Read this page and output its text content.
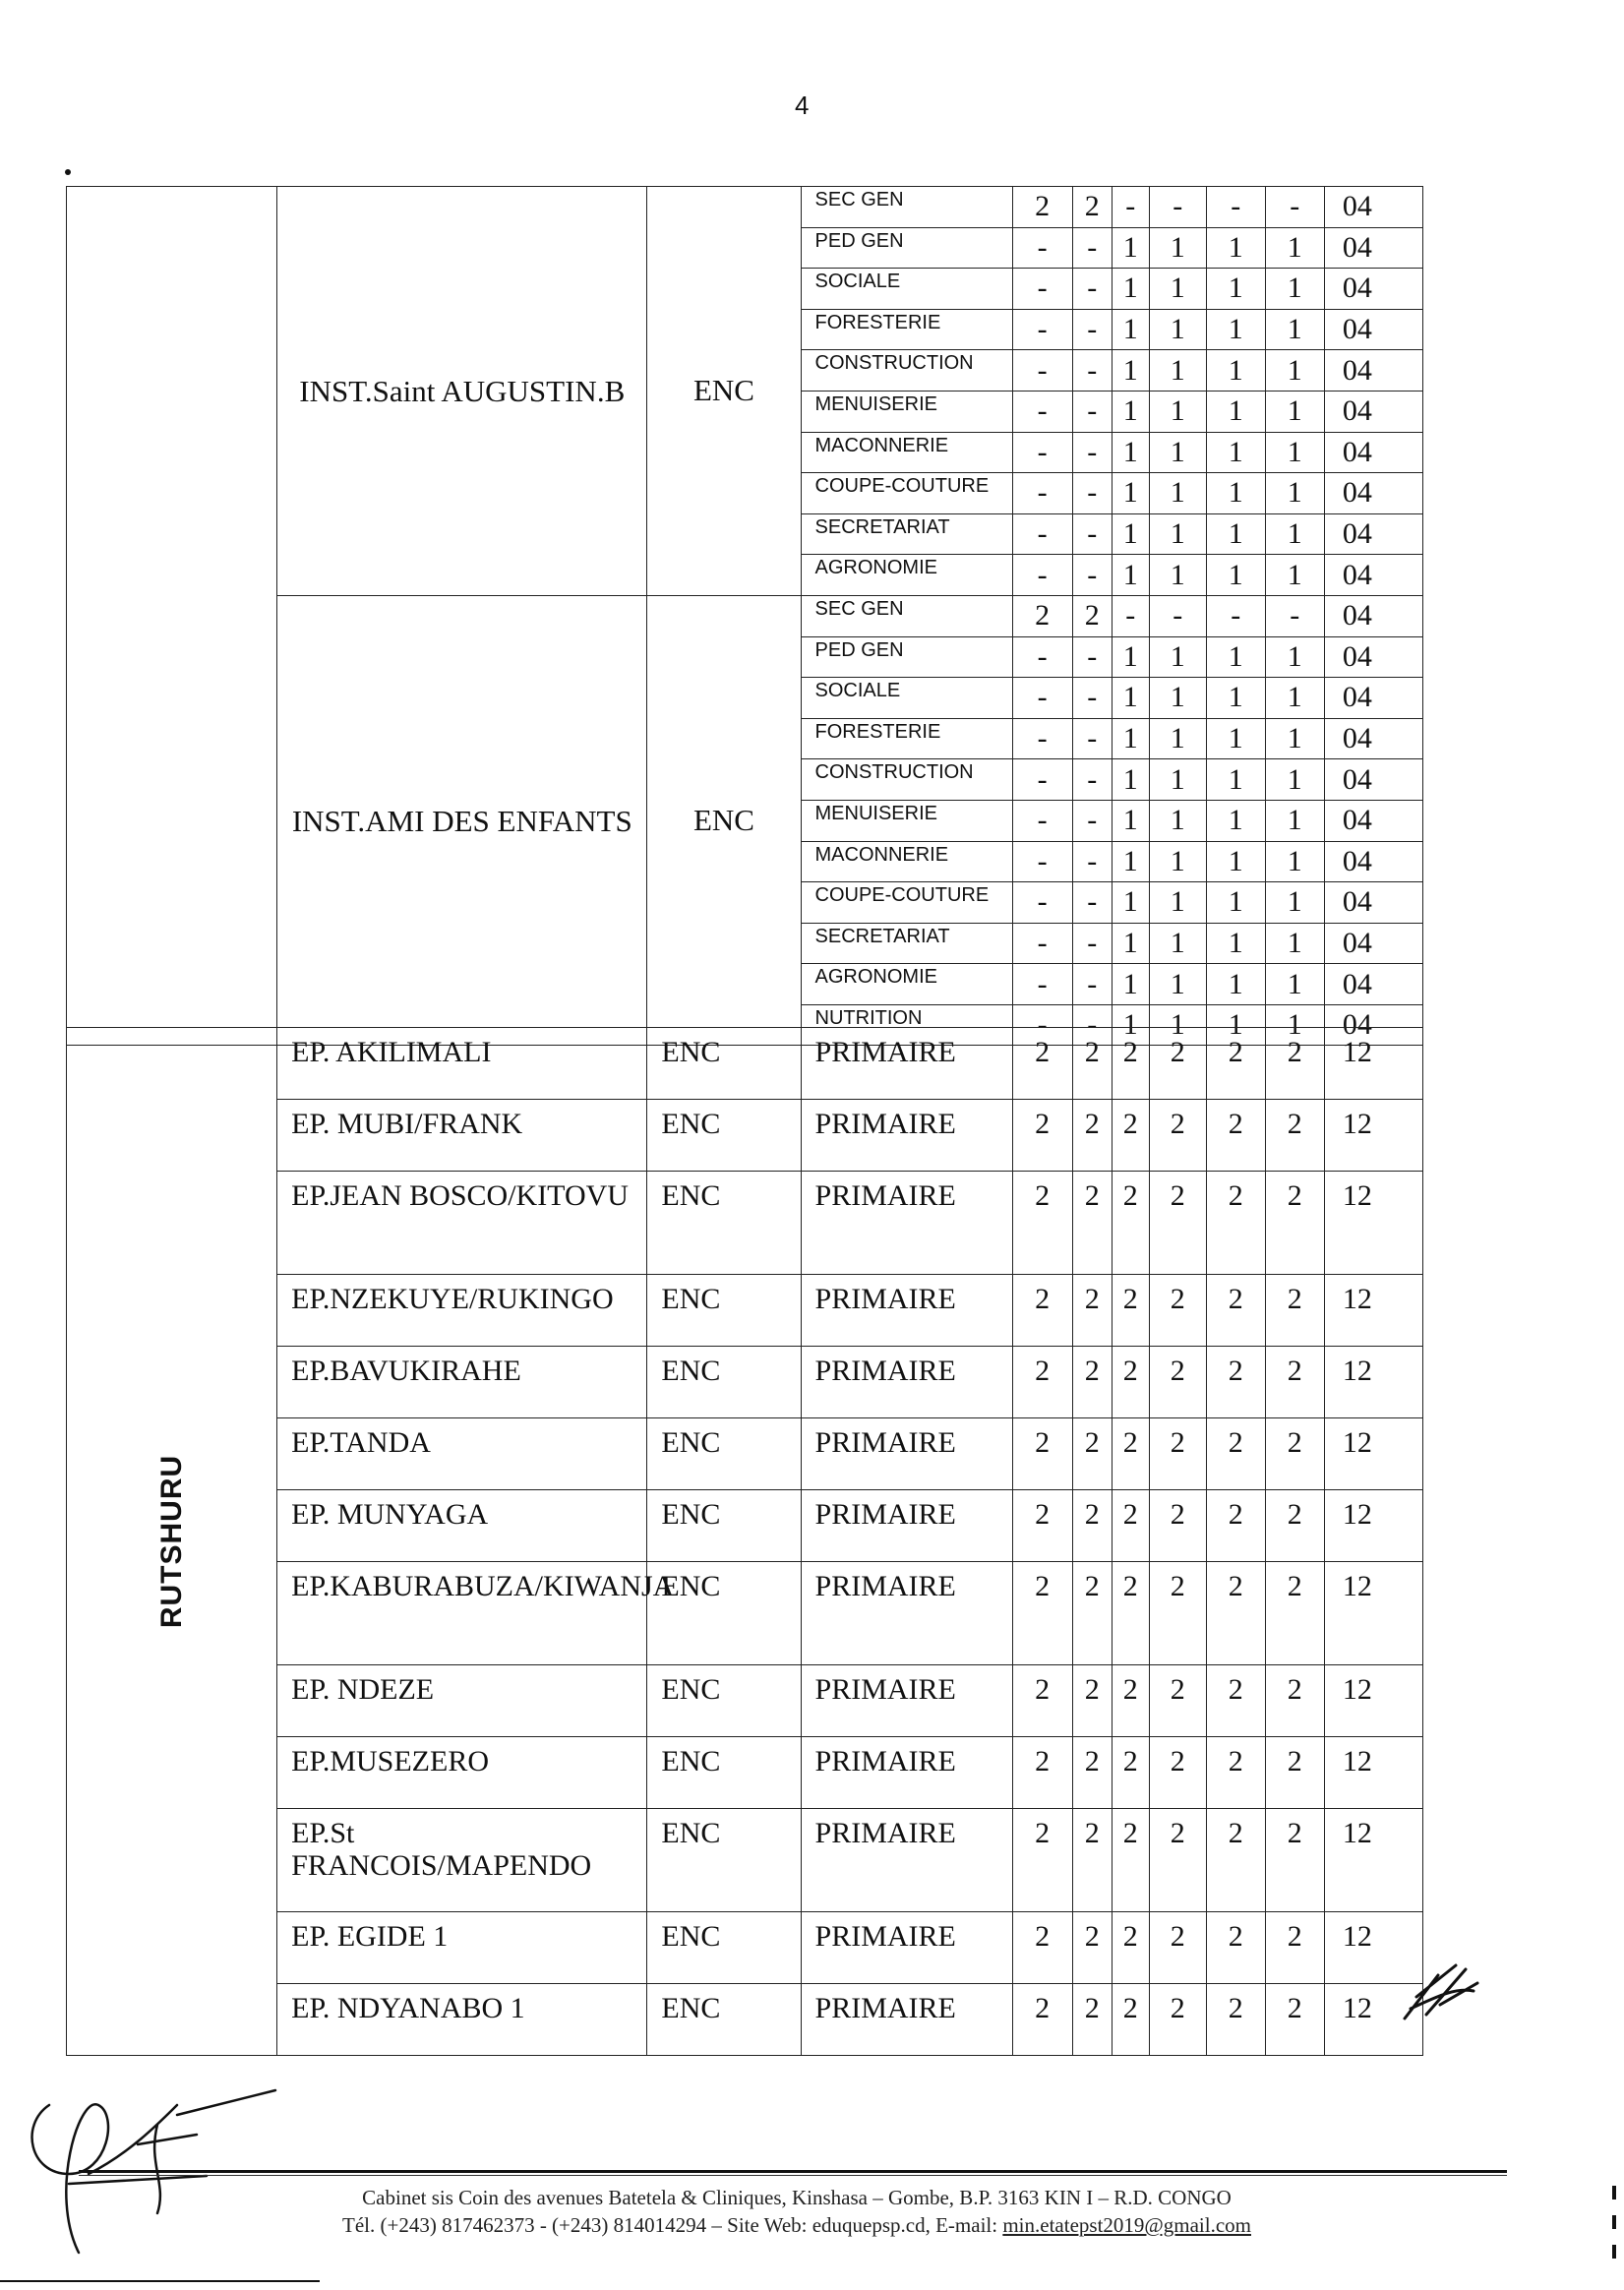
4
	INST.Saint AUGUSTIN.B	ENC	SEC GEN	2	2	-	-	-	-	04
			PED GEN	-	-	1	1	1	1	04
			SOCIALE	-	-	1	1	1	1	04
			FORESTERIE	-	-	1	1	1	1	04
			CONSTRUCTION	-	-	1	1	1	1	04
			MENUISERIE	-	-	1	1	1	1	04
			MACONNERIE	-	-	1	1	1	1	04
			COUPE-COUTURE	-	-	1	1	1	1	04
			SECRETARIAT	-	-	1	1	1	1	04
			AGRONOMIE	-	-	1	1	1	1	04
	INST.AMI DES ENFANTS	ENC	SEC GEN	2	2	-	-	-	-	04
			PED GEN	-	-	1	1	1	1	04
			SOCIALE	-	-	1	1	1	1	04
			FORESTERIE	-	-	1	1	1	1	04
			CONSTRUCTION	-	-	1	1	1	1	04
			MENUISERIE	-	-	1	1	1	1	04
			MACONNERIE	-	-	1	1	1	1	04
			COUPE-COUTURE	-	-	1	1	1	1	04
			SECRETARIAT	-	-	1	1	1	1	04
			AGRONOMIE	-	-	1	1	1	1	04
			NUTRITION	-	-	1	1	1	1	04
RUTSHURU	EP. AKILIMALI	ENC	PRIMAIRE	2	2	2	2	2	2	12
	EP. MUBI/FRANK	ENC	PRIMAIRE	2	2	2	2	2	2	12
	EP.JEAN BOSCO/KITOVU	ENC	PRIMAIRE	2	2	2	2	2	2	12
	EP.NZEKUYE/RUKINGO	ENC	PRIMAIRE	2	2	2	2	2	2	12
	EP.BAVUKIRAHE	ENC	PRIMAIRE	2	2	2	2	2	2	12
	EP.TANDA	ENC	PRIMAIRE	2	2	2	2	2	2	12
	EP. MUNYAGA	ENC	PRIMAIRE	2	2	2	2	2	2	12
	EP.KABURABUZA/KIWANJA	ENC	PRIMAIRE	2	2	2	2	2	2	12
	EP. NDEZE	ENC	PRIMAIRE	2	2	2	2	2	2	12
	EP.MUSEZERO	ENC	PRIMAIRE	2	2	2	2	2	2	12
	EP.St FRANCOIS/MAPENDO	ENC	PRIMAIRE	2	2	2	2	2	2	12
	EP. EGIDE 1	ENC	PRIMAIRE	2	2	2	2	2	2	12
	EP. NDYANABO 1	ENC	PRIMAIRE	2	2	2	2	2	2	12
Cabinet sis Coin des avenues Batetela & Cliniques, Kinshasa – Gombe, B.P. 3163 KIN I – R.D. CONGO
Tél. (+243) 817462373 - (+243) 814014294 – Site Web: eduquepsp.cd, E-mail: min.etatepst2019@gmail.com
